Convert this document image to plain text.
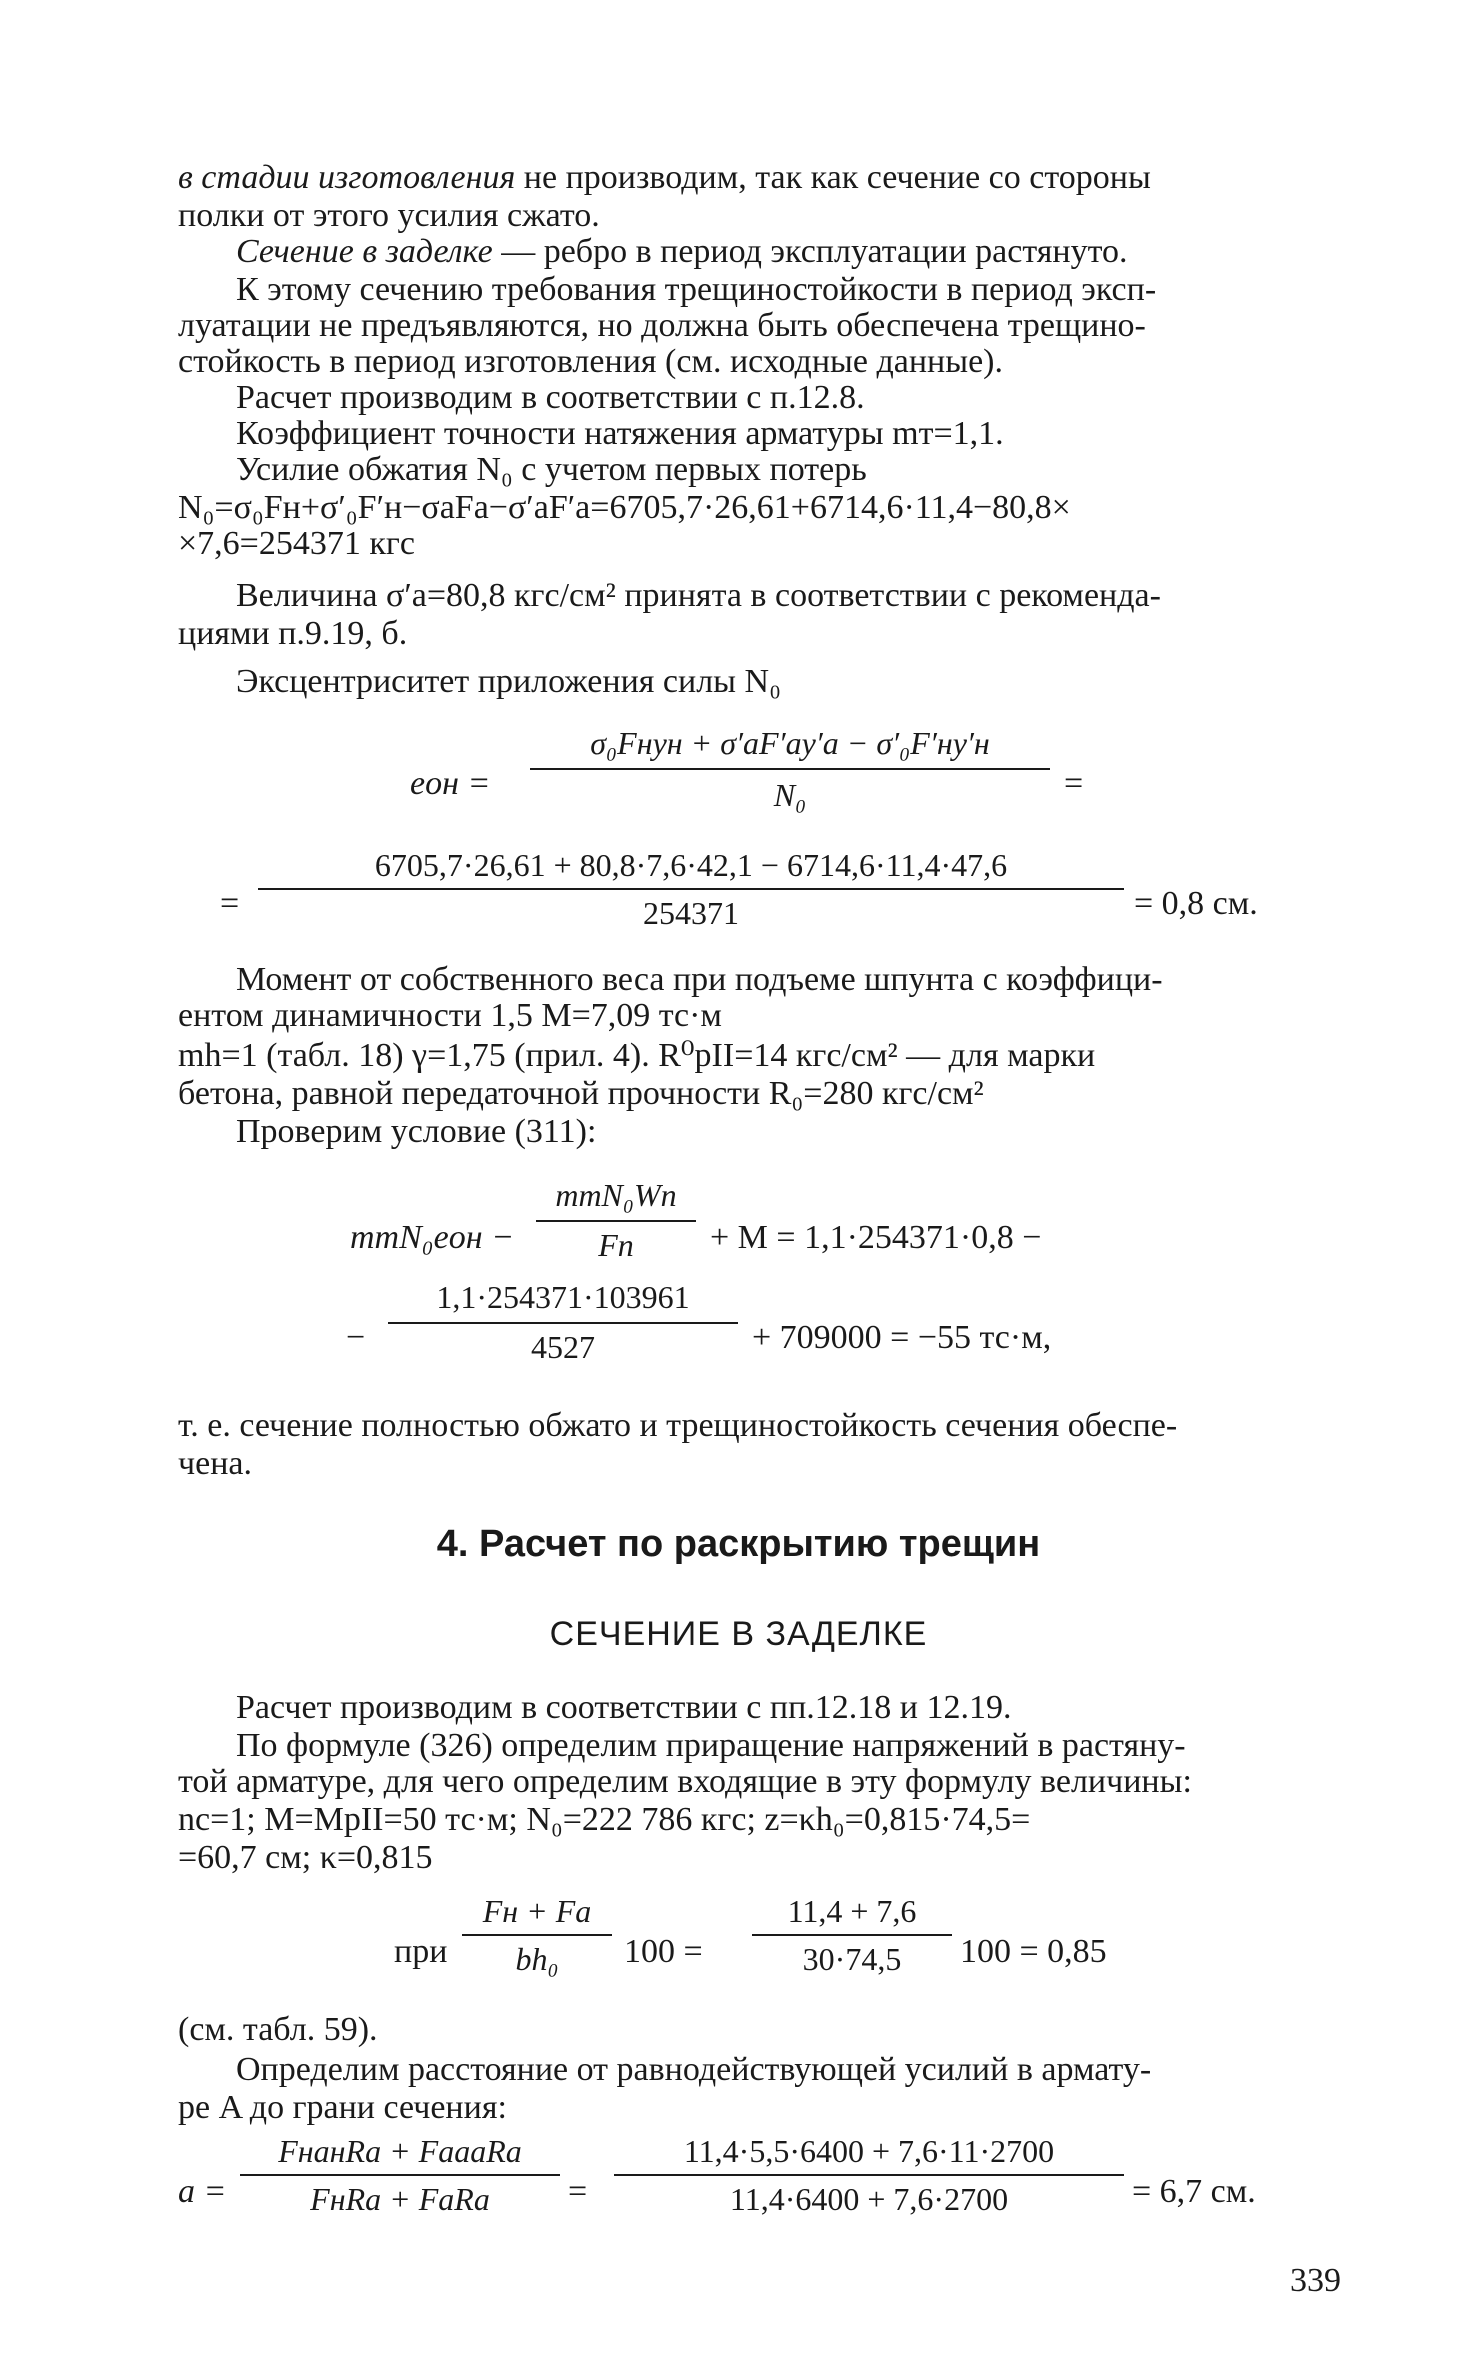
в стадии изготовления не производим, так как сечение со стороны
полки от этого усилия сжато.
Сечение в заделке — ребро в период эксплуатации растянуто.
К этому сечению требования трещиностойкости в период эксп-
луатации не предъявляются, но должна быть обеспечена трещино-
стойкость в период изготовления (см. исходные данные).
Расчет производим в соответствии с п.12.8.
Коэффициент точности натяжения арматуры mт=1,1.
Усилие обжатия N₀ с учетом первых потерь
N₀=σ₀Fн+σ′₀F′н−σаFа−σ′аF′а=6705,7·26,61+6714,6·11,4−80,8×
×7,6=254371 кгс
Величина σ′а=80,8 кгс/см² принята в соответствии с рекоменда-
циями п.9.19, б.
Эксцентриситет приложения силы N₀
eон =
σ₀Fнyн + σ′аF′аy′а − σ′₀F′нy′н
N₀	=
=
6705,7·26,61 + 80,8·7,6·42,1 − 6714,6·11,4·47,6
254371	= 0,8 см.
Момент от собственного веса при подъеме шпунта с коэффици-
ентом динамичности 1,5 M=7,09 тс·м
mh=1 (табл. 18) γ=1,75 (прил. 4). R⁰рII=14 кгс/см² — для марки
бетона, равной передаточной прочности R₀=280 кгс/см²
Проверим условие (311):
mтN₀eон −
mтN₀Wп
Fп	+ M = 1,1·254371·0,8 −
−
1,1·254371·103961
4527	+ 709000 = −55 тс·м,
т. е. сечение полностью обжато и трещиностойкость сечения обеспе-
чена.
4. Расчет по раскрытию трещин
СЕЧЕНИЕ В ЗАДЕЛКЕ
Расчет производим в соответствии с пп.12.18 и 12.19.
По формуле (326) определим приращение напряжений в растяну-
той арматуре, для чего определим входящие в эту формулу величины:
nс=1; M=MрII=50 тс·м; N₀=222 786 кгс; z=κh₀=0,815·74,5=
=60,7 см; κ=0,815
при
Fн + Fа
bh₀	100 =
11,4 + 7,6
30·74,5	100 = 0,85
(см. табл. 59).
Определим расстояние от равнодействующей усилий в армату-
ре A до грани сечения:
a =
FнaнRа + FаaаRа
FнRа + FаRа	=
11,4·5,5·6400 + 7,6·11·2700
11,4·6400 + 7,6·2700	= 6,7 см.
339
